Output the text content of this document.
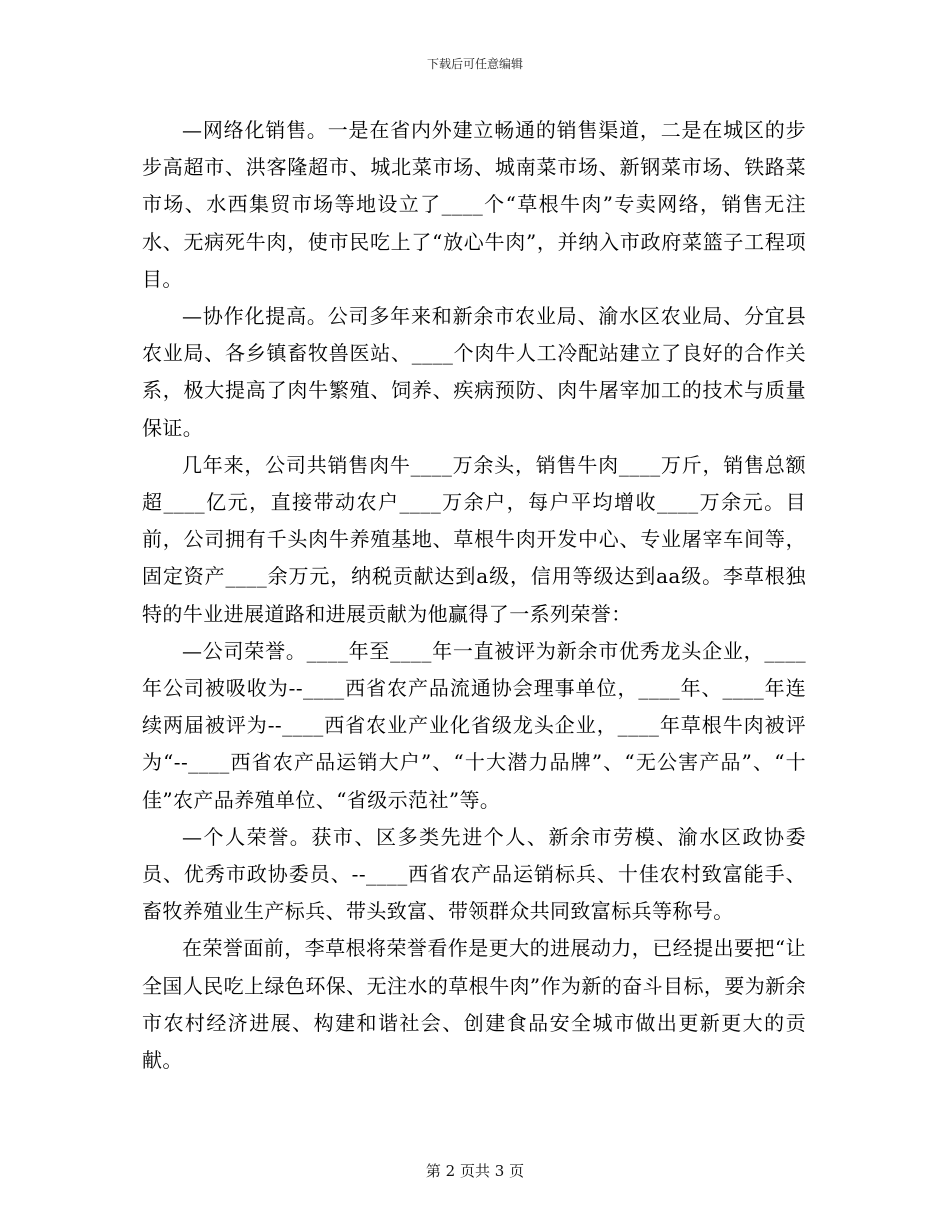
下载后可任意编辑

—网络化销售。一是在省内外建立畅通的销售渠道，二是在城区的步步高超市、洪客隆超市、城北菜市场、城南菜市场、新钢菜市场、铁路菜市场、水西集贸市场等地设立了____个“草根牛肉”专卖网络，销售无注水、无病死牛肉，使市民吃上了“放心牛肉”，并纳入市政府菜篮子工程项目。

—协作化提高。公司多年来和新余市农业局、渝水区农业局、分宜县农业局、各乡镇畜牧兽医站、____个肉牛人工冷配站建立了良好的合作关系，极大提高了肉牛繁殖、饲养、疾病预防、肉牛屠宰加工的技术与质量保证。

几年来，公司共销售肉牛____万余头，销售牛肉____万斤，销售总额超____亿元，直接带动农户____万余户，每户平均增收____万余元。目前，公司拥有千头肉牛养殖基地、草根牛肉开发中心、专业屠宰车间等，固定资产____余万元，纳税贡献达到a级，信用等级达到aa级。李草根独特的牛业进展道路和进展贡献为他赢得了一系列荣誉：

—公司荣誉。____年至____年一直被评为新余市优秀龙头企业，____年公司被吸收为--____西省农产品流通协会理事单位，____年、____年连续两届被评为--____西省农业产业化省级龙头企业，____年草根牛肉被评为“--____西省农产品运销大户”、“十大潜力品牌”、“无公害产品”、“十佳”农产品养殖单位、“省级示范社”等。

—个人荣誉。获市、区多类先进个人、新余市劳模、渝水区政协委员、优秀市政协委员、--____西省农产品运销标兵、十佳农村致富能手、畜牧养殖业生产标兵、带头致富、带领群众共同致富标兵等称号。

在荣誉面前，李草根将荣誉看作是更大的进展动力，已经提出要把“让全国人民吃上绿色环保、无注水的草根牛肉”作为新的奋斗目标，要为新余市农村经济进展、构建和谐社会、创建食品安全城市做出更新更大的贡献。

第 2 页共 3 页
